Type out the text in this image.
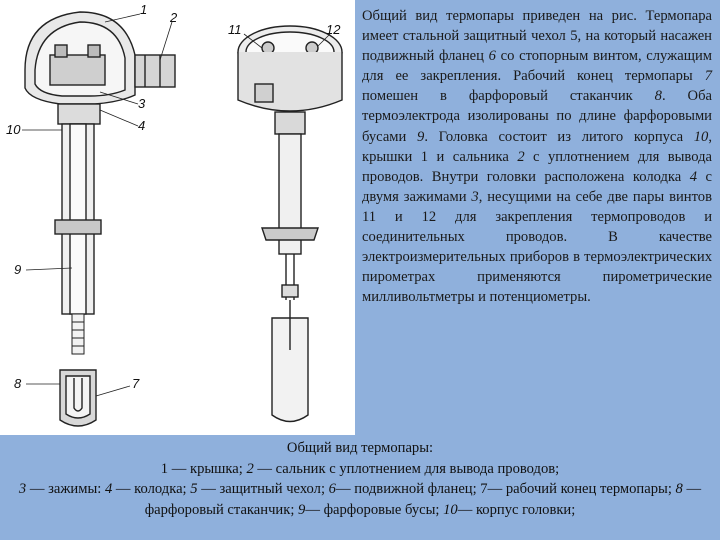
1
2
3
4
10
9
8	7
11	12

Общий вид термопары приведен на рис. Термопара имеет стальной защитный чехол 5, на который насажен подвижный фланец 6 со стопорным винтом, служащим для ее закрепления. Рабочий конец термопары 7 помешен в фарфоровый стаканчик 8. Оба термоэлектрода изолированы по длине фарфоровыми бусами 9. Головка состоит из литого корпуса 10, крышки 1 и сальника 2 с уплотнением для вывода проводов. Внутри головки расположена колодка 4 с двумя зажимами 3, несущими на себе две пары винтов 11 и 12 для закрепления термопроводов и соединительных проводов. В качестве электроизмерительных приборов в термоэлектрических пирометрах применяются пирометрические милливольтметры и потенциометры.

Общий вид термопары:
1 — крышка; 2 — сальник с уплотнением для вывода проводов;
3 — зажимы: 4 — колодка; 5 — защитный чехол; 6— подвижной фланец; 7— рабочий конец термопары; 8 — фарфоровый стаканчик; 9— фарфоровые бусы; 10— корпус головки;
